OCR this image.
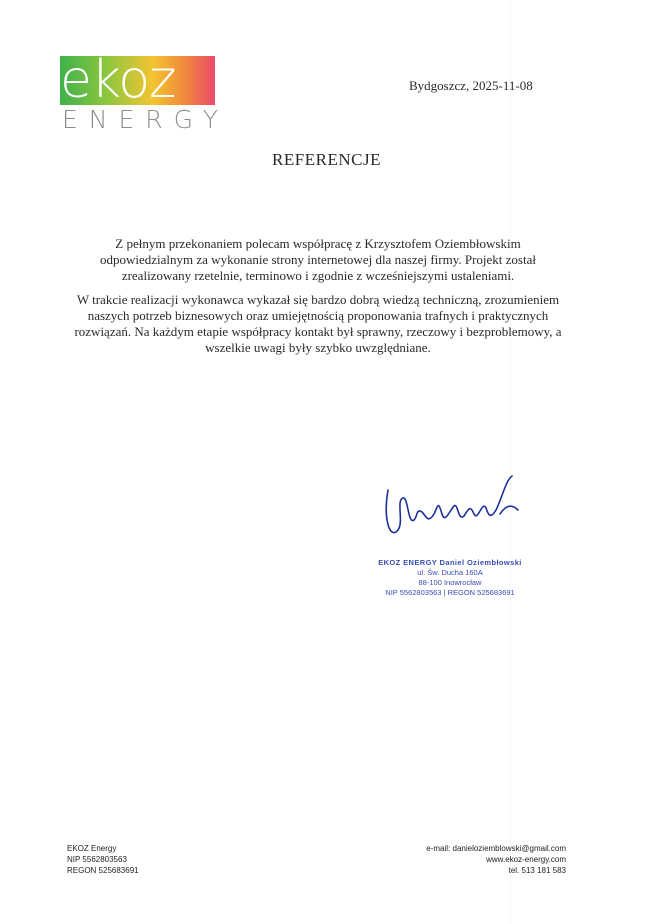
ekoz
ENERGY
Bydgoszcz, 2025-11-08
REFERENCJE
Z pełnym przekonaniem polecam współpracę z Krzysztofem Oziembłowskim odpowiedzialnym za wykonanie strony internetowej dla naszej firmy. Projekt został zrealizowany rzetelnie, terminowo i zgodnie z wcześniejszymi ustaleniami.
W trakcie realizacji wykonawca wykazał się bardzo dobrą wiedzą techniczną, zrozumieniem naszych potrzeb biznesowych oraz umiejętnością proponowania trafnych i praktycznych rozwiązań. Na każdym etapie współpracy kontakt był sprawny, rzeczowy i bezproblemowy, a wszelkie uwagi były szybko uwzględniane.
EKOZ ENERGY Daniel Oziembłowski
ul. Św. Ducha 160A
88-100 Inowrocław
NIP 5562803563 | REGON 525683691
EKOZ Energy
NIP 5562803563
REGON 525683691
e-mail: danieloziemblowski@gmail.com
www.ekoz-energy.com
tel. 513 181 583
